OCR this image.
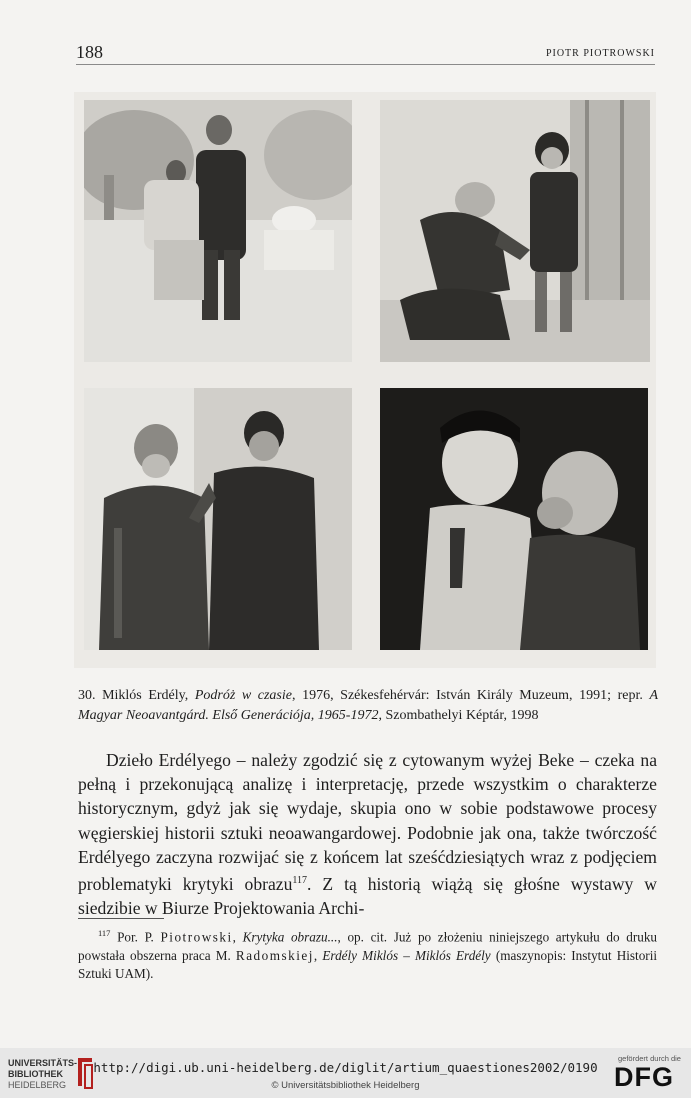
188	PIOTR PIOTROWSKI
30. Miklós Erdély, Podróż w czasie, 1976, Székesfehérvár: István Király Muzeum, 1991; repr. A Magyar Neoavantgárd. Első Generációja, 1965-1972, Szombathelyi Képtár, 1998

Dzieło Erdélyego – należy zgodzić się z cytowanym wyżej Beke – czeka na pełną i przekonującą analizę i interpretację, przede wszystkim o charakterze historycznym, gdyż jak się wydaje, skupia ono w sobie podstawowe procesy węgierskiej historii sztuki neoawangardowej. Podobnie jak ona, także twórczość Erdélyego zaczyna rozwijać się z końcem lat sześćdziesiątych wraz z podjęciem problematyki krytyki obrazu$^{117}$. Z tą historią wiążą się głośne wystawy w siedzibie w Biurze Projektowania Archi-

$^{117}$ Por. P. Piotrowski, Krytyka obrazu..., op. cit. Już po złożeniu niniejszego artykułu do druku powstała obszerna praca M. Radomskiej, Erdély Miklós – Miklós Erdély (maszynopis: Instytut Historii Sztuki UAM).

UNIVERSITÄTS-
BIBLIOTHEK
HEIDELBERG
http://digi.ub.uni-heidelberg.de/diglit/artium_quaestiones2002/0190
© Universitätsbibliothek Heidelberg
gefördert durch die
DFG
